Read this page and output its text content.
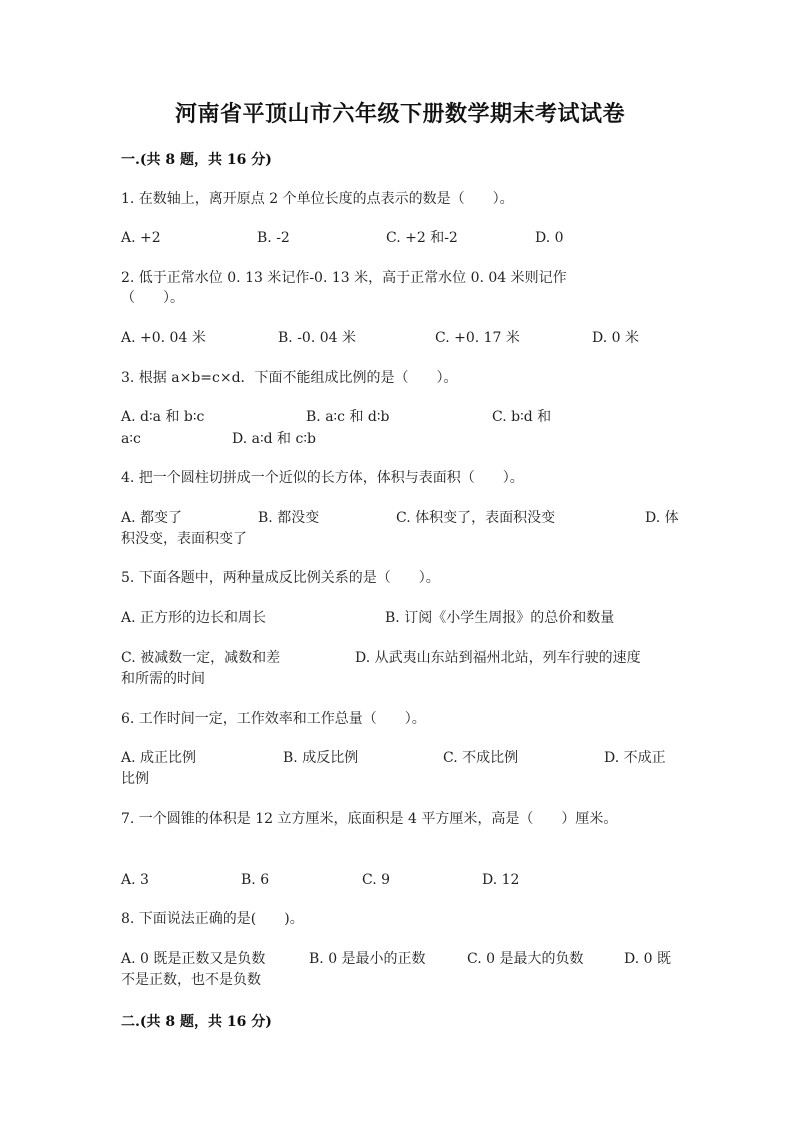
河南省平顶山市六年级下册数学期末考试试卷
一.(共 8 题，共 16 分)
1. 在数轴上，离开原点 2 个单位长度的点表示的数是（　　）。
A. +2	B. -2	C. +2 和-2	D. 0
2. 低于正常水位 0. 13 米记作-0. 13 米，高于正常水位 0. 04 米则记作（　　）。
A. +0. 04 米	B. -0. 04 米	C. +0. 17 米	D. 0 米
3. 根据 a×b=c×d．下面不能组成比例的是（　　）。
A. d∶a 和 b∶c	B. a∶c 和 d∶b	C. b∶d 和
a∶c	D. a∶d 和 c∶b
4. 把一个圆柱切拼成一个近似的长方体，体积与表面积（　　）。
A. 都变了	B. 都没变	C. 体积变了，表面积没变	D. 体
积没变，表面积变了
5. 下面各题中，两种量成反比例关系的是（　　）。
A. 正方形的边长和周长	B. 订阅《小学生周报》的总价和数量
C. 被减数一定，减数和差	D. 从武夷山东站到福州北站，列车行驶的速度
和所需的时间
6. 工作时间一定，工作效率和工作总量（　　）。
A. 成正比例	B. 成反比例	C. 不成比例	D. 不成正
比例
7. 一个圆锥的体积是 12 立方厘米，底面积是 4 平方厘米，高是（　　）厘米。
A. 3	B. 6	C. 9	D. 12
8. 下面说法正确的是(　　)。
A. 0 既是正数又是负数	B. 0 是最小的正数	C. 0 是最大的负数	D. 0 既
不是正数，也不是负数
二.(共 8 题，共 16 分)
